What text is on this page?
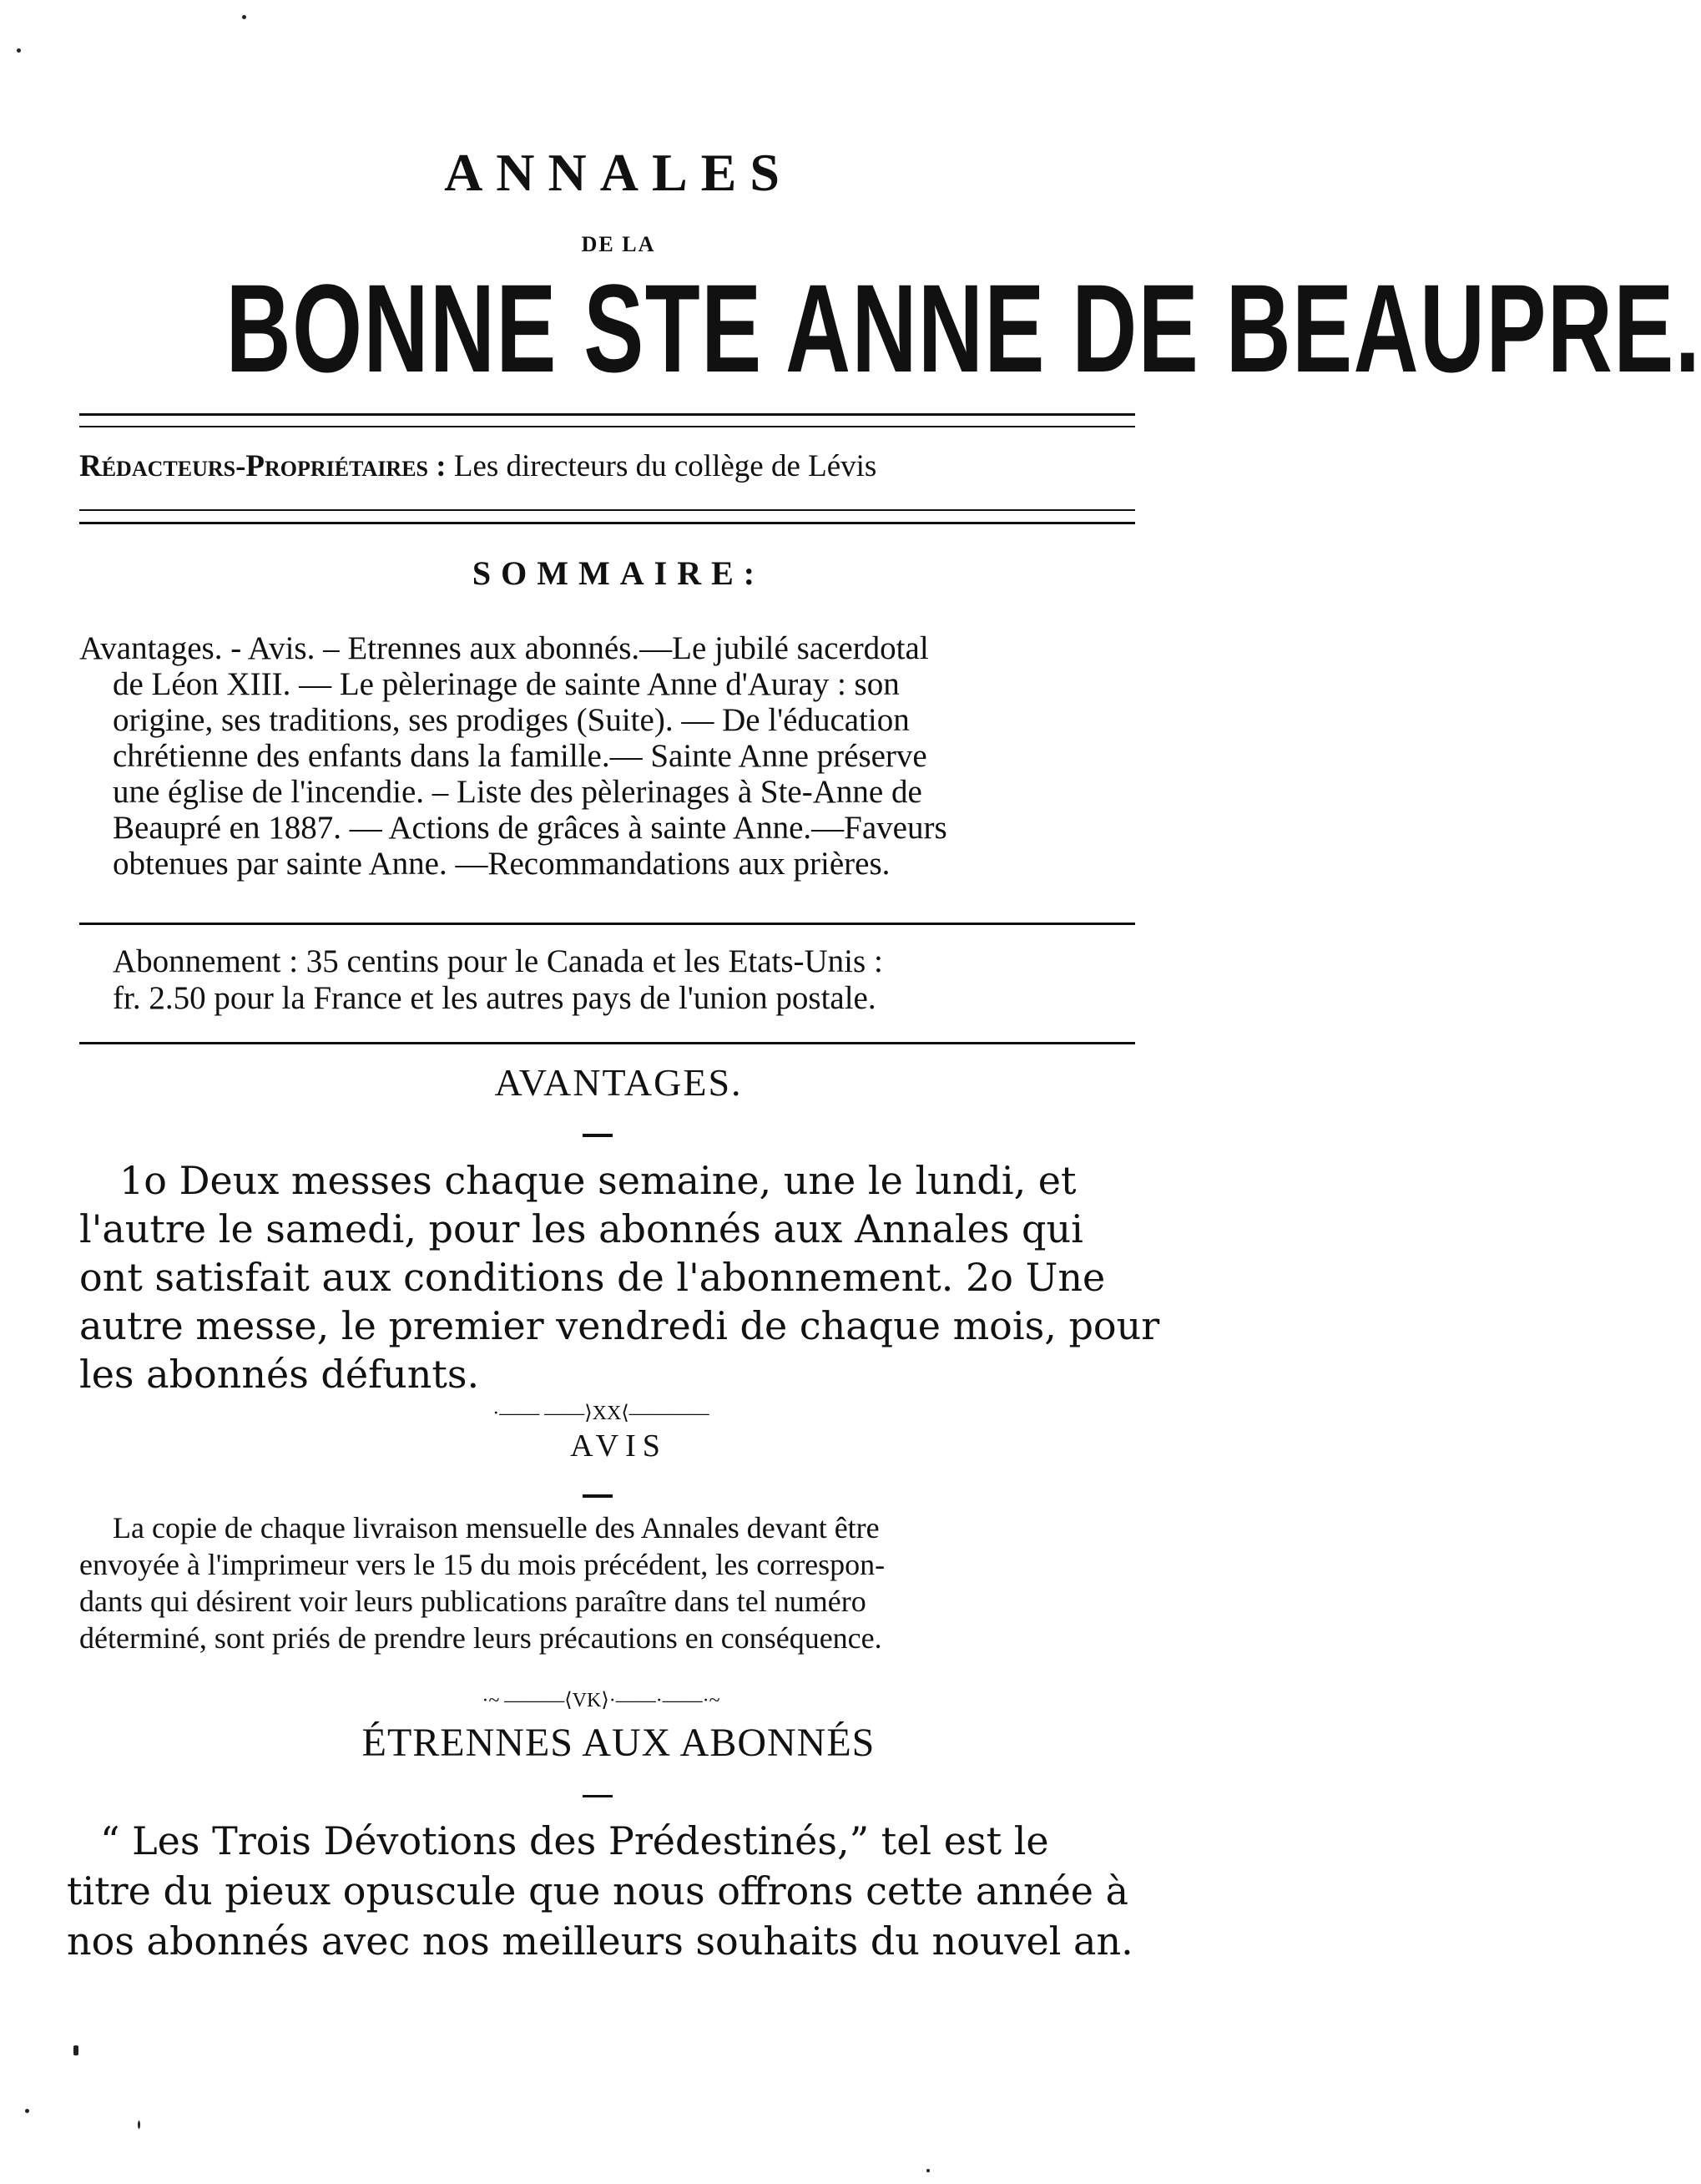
ANNALES
DE LA
BONNE STE ANNE DE BEAUPRE.
Rédacteurs-Propriétaires : Les directeurs du collège de Lévis
SOMMAIRE:
Avantages. - Avis. – Etrennes aux abonnés.—Le jubilé sacerdotal
de Léon XIII. — Le pèlerinage de sainte Anne d'Auray : son
origine, ses traditions, ses prodiges (Suite). — De l'éducation
chrétienne des enfants dans la famille.— Sainte Anne préserve
une église de l'incendie. – Liste des pèlerinages à Ste-Anne de
Beaupré en 1887. — Actions de grâces à sainte Anne.—Faveurs
obtenues par sainte Anne. —Recommandations aux prières.
Abonnement : 35 centins pour le Canada et les Etats-Unis :
fr. 2.50 pour la France et les autres pays de l'union postale.
AVANTAGES.
1o Deux messes chaque semaine, une le lundi, et
l'autre le samedi, pour les abonnés aux Annales qui
ont satisfait aux conditions de l'abonnement. 2o Une
autre messe, le premier vendredi de chaque mois, pour
les abonnés défunts.
·—— ——⟩XX⟨————
AVIS
La copie de chaque livraison mensuelle des Annales devant être
envoyée à l'imprimeur vers le 15 du mois précédent, les correspon-
dants qui désirent voir leurs publications paraître dans tel numéro
déterminé, sont priés de prendre leurs précautions en conséquence.
·~ ———⟨VK⟩·——·——·~
ÉTRENNES AUX ABONNÉS
“ Les Trois Dévotions des Prédestinés,” tel est le
titre du pieux opuscule que nous offrons cette année à
nos abonnés avec nos meilleurs souhaits du nouvel an.
